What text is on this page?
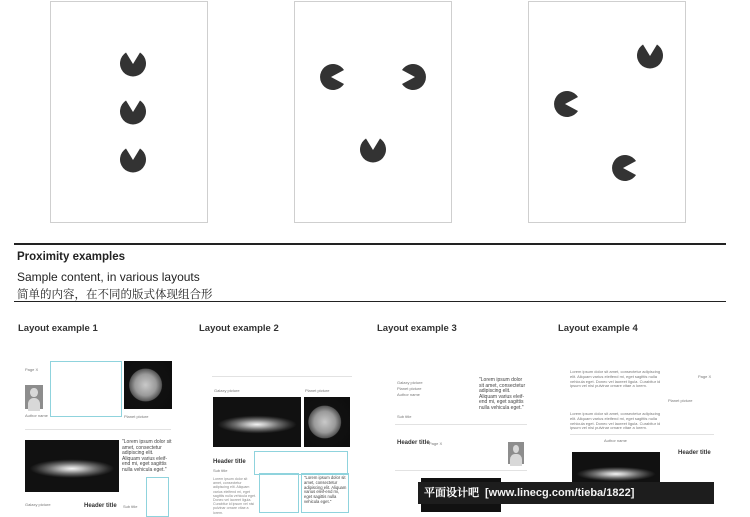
Proximity examples
Sample content, in various layouts
简单的内容，在不同的版式体现组合形
Layout example 1	Layout example 2	Layout example 3	Layout example 4
Page X
Author name	Planet picture
"Lorem ipsum dolor sit amet, consectetur adipiscing elit. Aliquam varius eleif-end mi, eget sagittis nulla vehicula eget."
Galaxy picture	Header title Sub title
Galaxy picture	Planet picture
Header title
Sub title
Lorem ipsum dolor sit amet, consectetur adipiscing elit. Aliquam varius eleifend mi, eget sagittis nulla vehicula eget. Donec vel laoreet ligula. Curabitur id ipsum vel nisi pulvinar ornare vitae a lorem.
"Lorem ipsum dolor sit amet, consectetur adipiscing elit. Aliquam varius eleif-end mi, eget sagittis nulla vehicula eget."
Galaxy picture
Planet picture
Author name
"Lorem ipsum dolor sit amet, consectetur adipiscing elit. Aliquam varius eleif-end mi, eget sagittis nulla vehicula eget."
Sub title
Header title Page X
Lorem ipsum dolor sit amet, consectetur adipiscing elit. Aliquam varius eleifend mi, eget sagittis nulla vehicula eget. Donec vel laoreet ligula. Curabitur id ipsum vel nisi pulvinar ornare vitae a lorem.
Page X
Lorem ipsum dolor sit amet, consectetur adipiscing elit. Aliquam varius eleifend mi, eget sagittis nulla vehicula eget. Donec vel laoreet ligula. Curabitur id ipsum vel nisi pulvinar ornare vitae a lorem.
Planet picture
Author name
Header title
平面设计吧 [www.linecg.com/tieba/1822]
